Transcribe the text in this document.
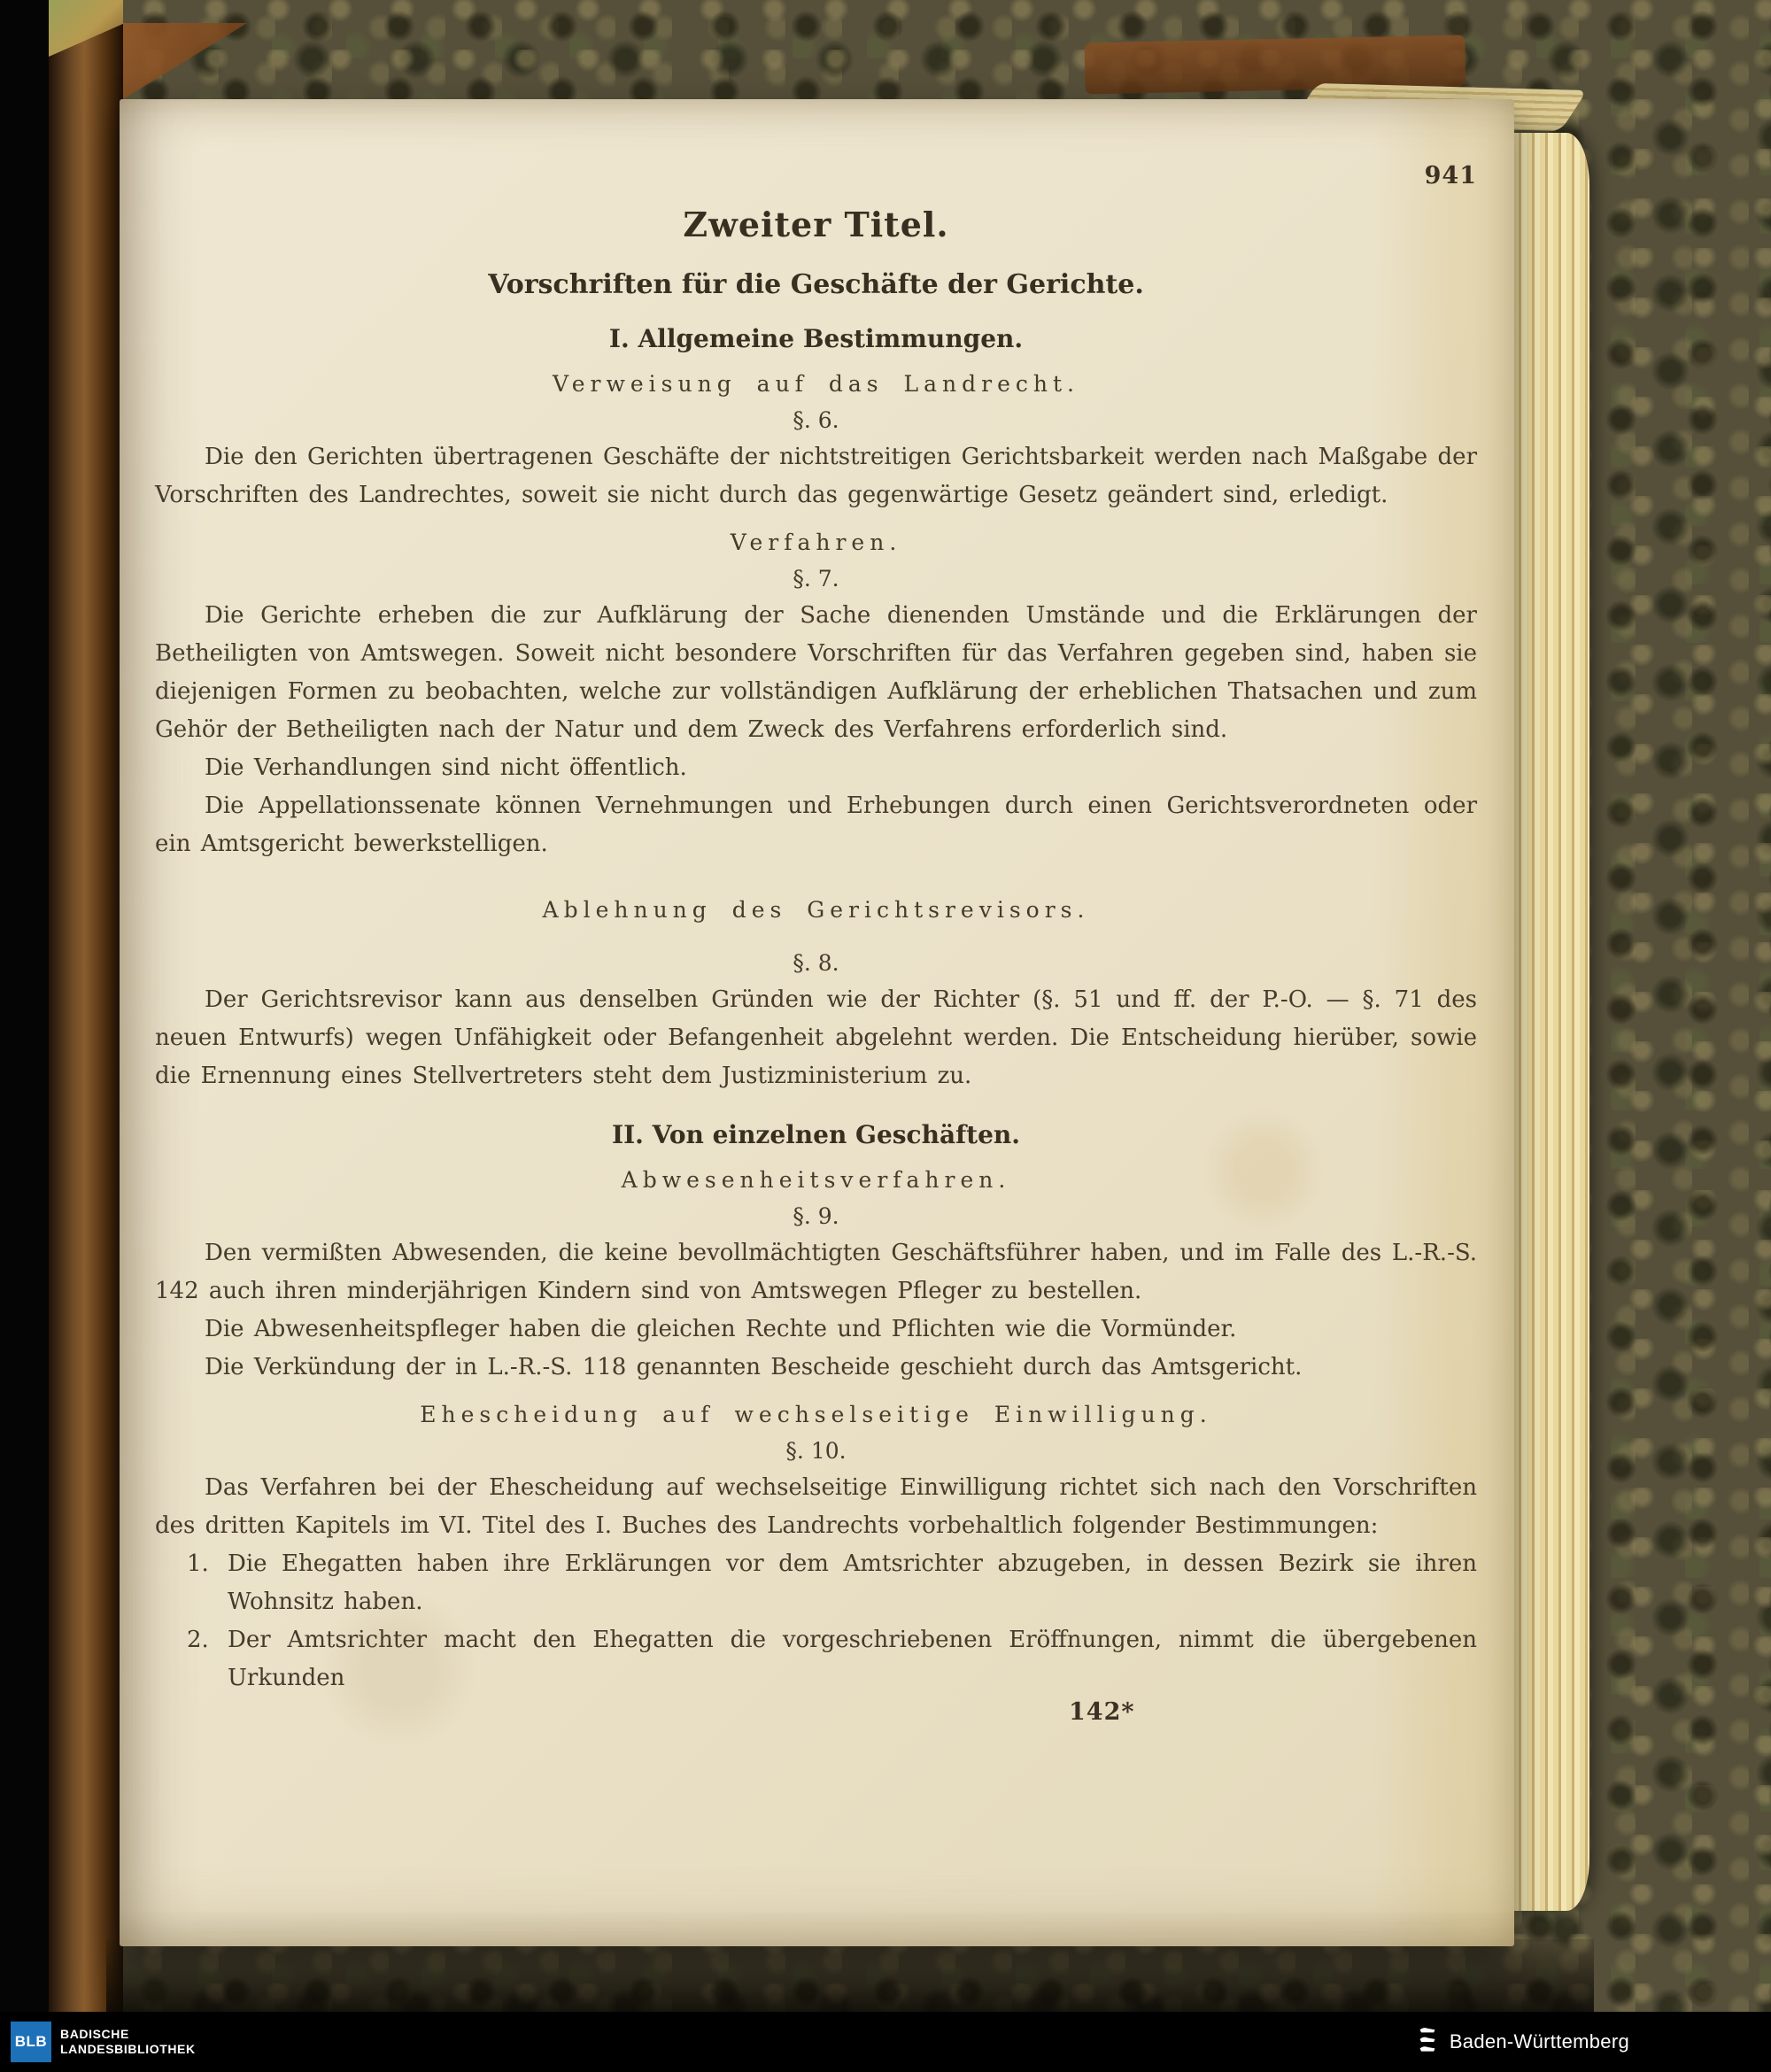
941
Zweiter Titel.
Vorschriften für die Geschäfte der Gerichte.
I. Allgemeine Bestimmungen.
Verweisung auf das Landrecht.
§. 6.
Die den Gerichten übertragenen Geschäfte der nichtstreitigen Gerichtsbarkeit werden nach Maßgabe der Vorschriften des Landrechtes, soweit sie nicht durch das gegenwärtige Gesetz geändert sind, erledigt.
Verfahren.
§. 7.
Die Gerichte erheben die zur Aufklärung der Sache dienenden Umstände und die Erklärungen der Betheiligten von Amtswegen. Soweit nicht besondere Vorschriften für das Verfahren gegeben sind, haben sie diejenigen Formen zu beobachten, welche zur vollständigen Aufklärung der erheblichen Thatsachen und zum Gehör der Betheiligten nach der Natur und dem Zweck des Verfahrens erforderlich sind.
Die Verhandlungen sind nicht öffentlich.
Die Appellationssenate können Vernehmungen und Erhebungen durch einen Gerichtsverordneten oder ein Amtsgericht bewerkstelligen.
Ablehnung des Gerichtsrevisors.
§. 8.
Der Gerichtsrevisor kann aus denselben Gründen wie der Richter (§. 51 und ff. der P.-O. — §. 71 des neuen Entwurfs) wegen Unfähigkeit oder Befangenheit abgelehnt werden. Die Entscheidung hierüber, sowie die Ernennung eines Stellvertreters steht dem Justizministerium zu.
II. Von einzelnen Geschäften.
Abwesenheitsverfahren.
§. 9.
Den vermißten Abwesenden, die keine bevollmächtigten Geschäftsführer haben, und im Falle des L.-R.-S. 142 auch ihren minderjährigen Kindern sind von Amtswegen Pfleger zu bestellen.
Die Abwesenheitspfleger haben die gleichen Rechte und Pflichten wie die Vormünder.
Die Verkündung der in L.-R.-S. 118 genannten Bescheide geschieht durch das Amtsgericht.
Ehescheidung auf wechselseitige Einwilligung.
§. 10.
Das Verfahren bei der Ehescheidung auf wechselseitige Einwilligung richtet sich nach den Vorschriften des dritten Kapitels im VI. Titel des I. Buches des Landrechts vorbehaltlich folgender Bestimmungen:
1. Die Ehegatten haben ihre Erklärungen vor dem Amtsrichter abzugeben, in dessen Bezirk sie ihren Wohnsitz haben.
2. Der Amtsrichter macht den Ehegatten die vorgeschriebenen Eröffnungen, nimmt die übergebenen Urkunden
142*
BLB BADISCHE
LANDESBIBLIOTHEK	Baden-Württemberg
